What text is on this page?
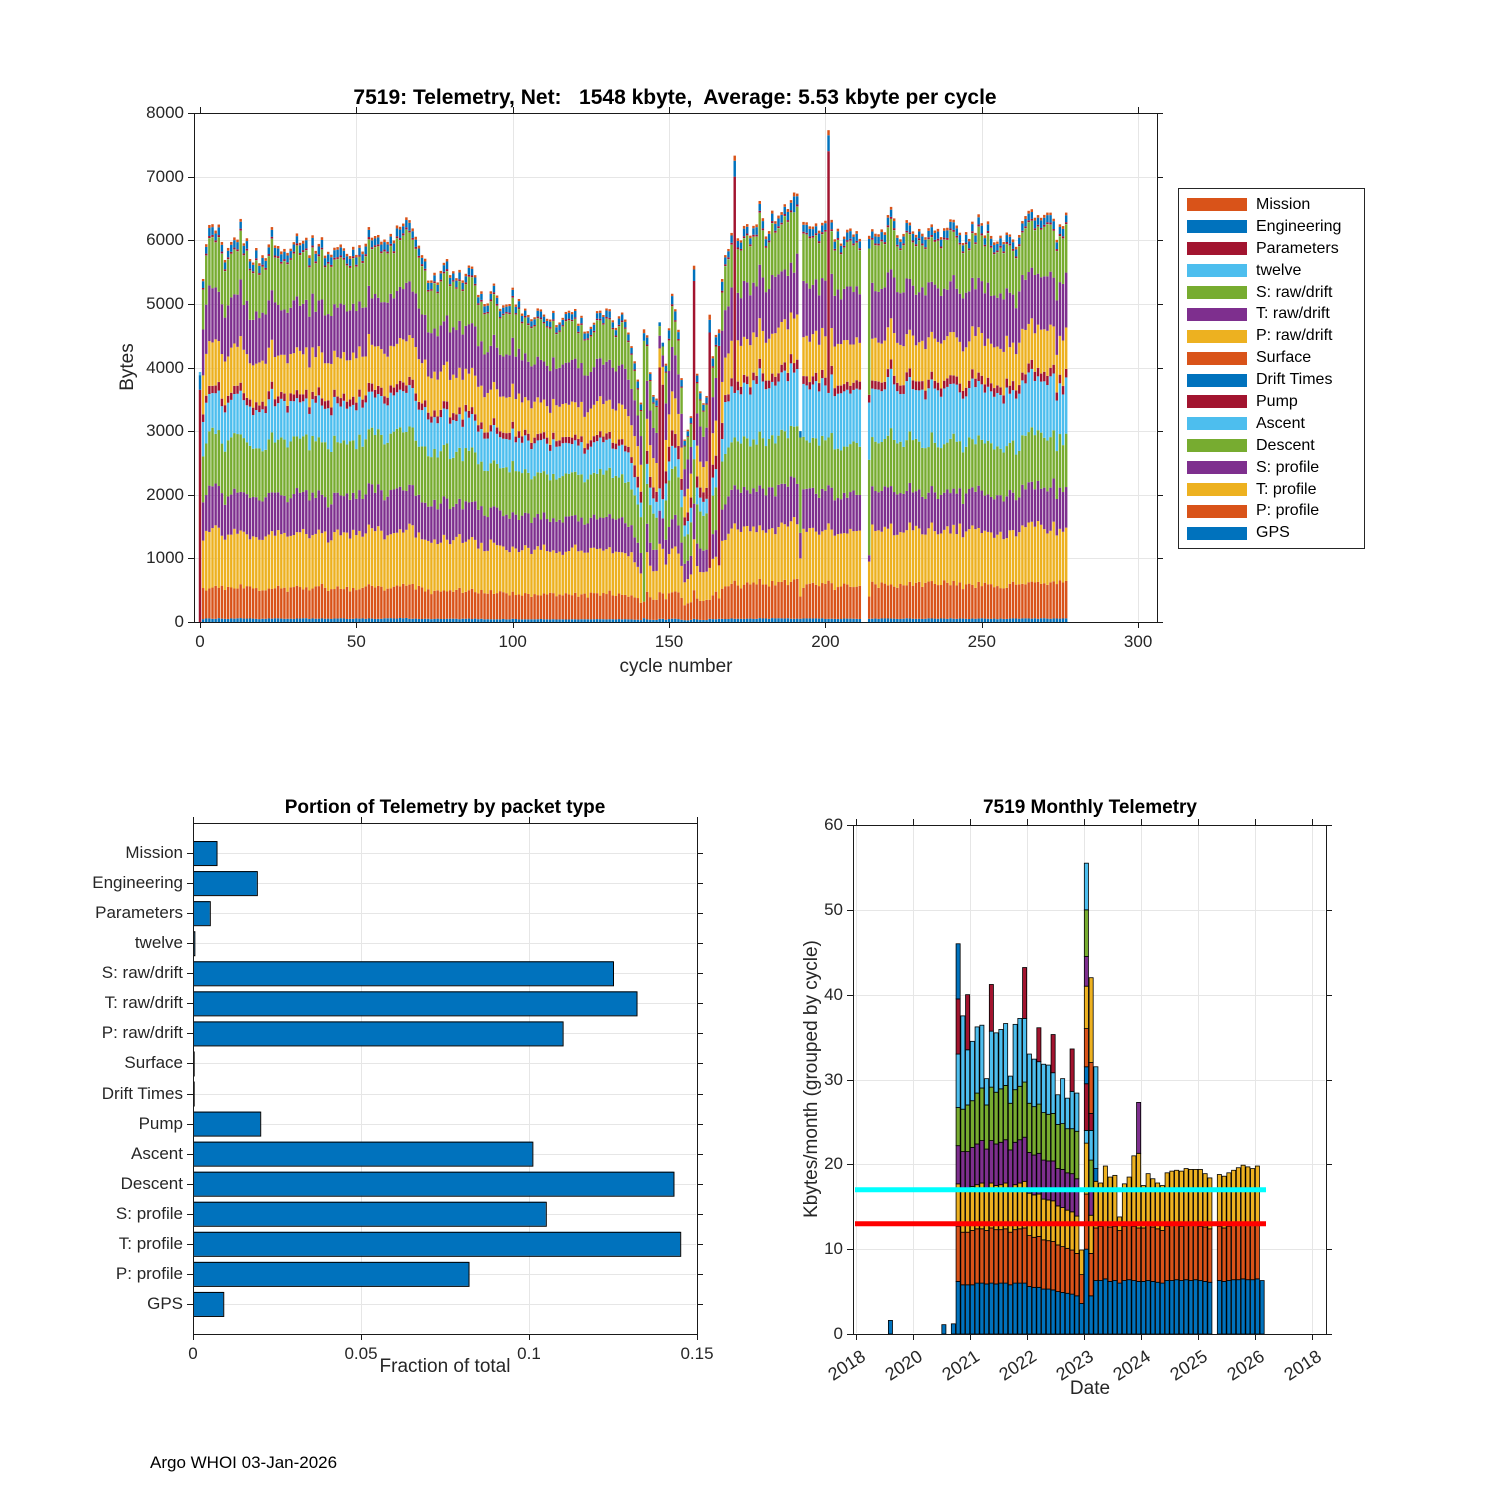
7519: Telemetry, Net:   1548 kbyte,  Average: 5.53 kbyte per cycle
Bytes
cycle number
0
1000
2000
3000
4000
5000
6000
7000
8000
0	50	100	150	200	250	300
Mission
Engineering
Parameters
twelve
S: raw/drift
T: raw/drift
P: raw/drift
Surface
Drift Times
Pump
Ascent
Descent
S: profile
T: profile
P: profile
GPS
Portion of Telemetry by packet type
Fraction of total
Mission
Engineering
Parameters
twelve
S: raw/drift
T: raw/drift
P: raw/drift
Surface
Drift Times
Pump
Ascent
Descent
S: profile
T: profile
P: profile
GPS
0	0.05	0.1	0.15
7519 Monthly Telemetry
Kbytes/month (grouped by cycle)
Date
0
10
20
30
40
50
60
2018 2020 2021 2022 2023 2024 2025 2026 2018
Argo WHOI 03-Jan-2026
